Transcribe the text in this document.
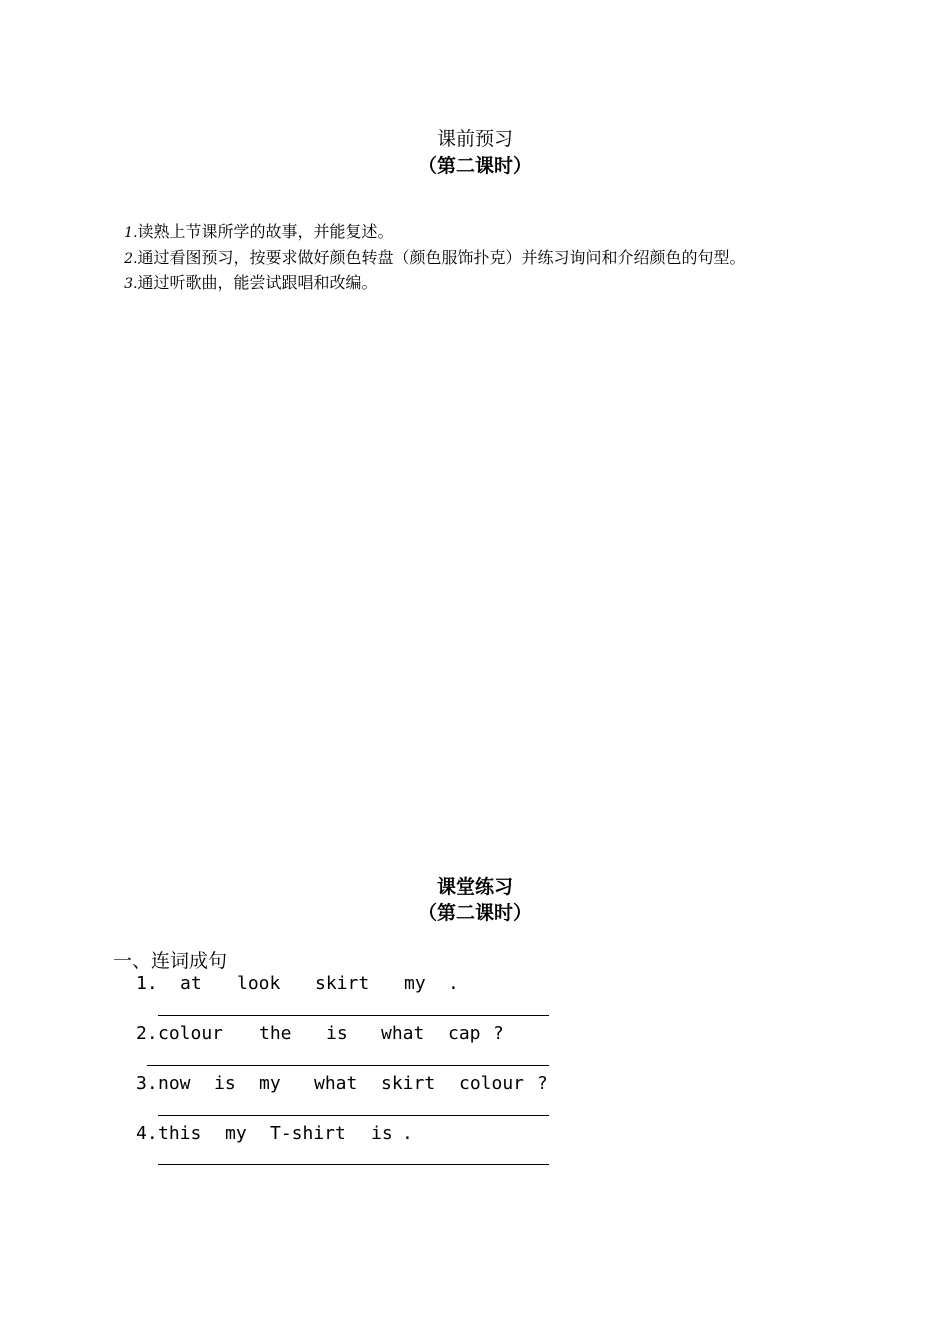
课前预习
（第二课时）

1.读熟上节课所学的故事，并能复述。

2.通过看图预习，按要求做好颜色转盘（颜色服饰扑克）并练习询问和介绍颜色的句型。

3.通过听歌曲，能尝试跟唱和改编。

课堂练习
（第二课时）
一、连词成句
1. at look skirt my .
2. colour the is what cap ?
3. now is my what skirt colour ?
4. this my T-shirt is .
